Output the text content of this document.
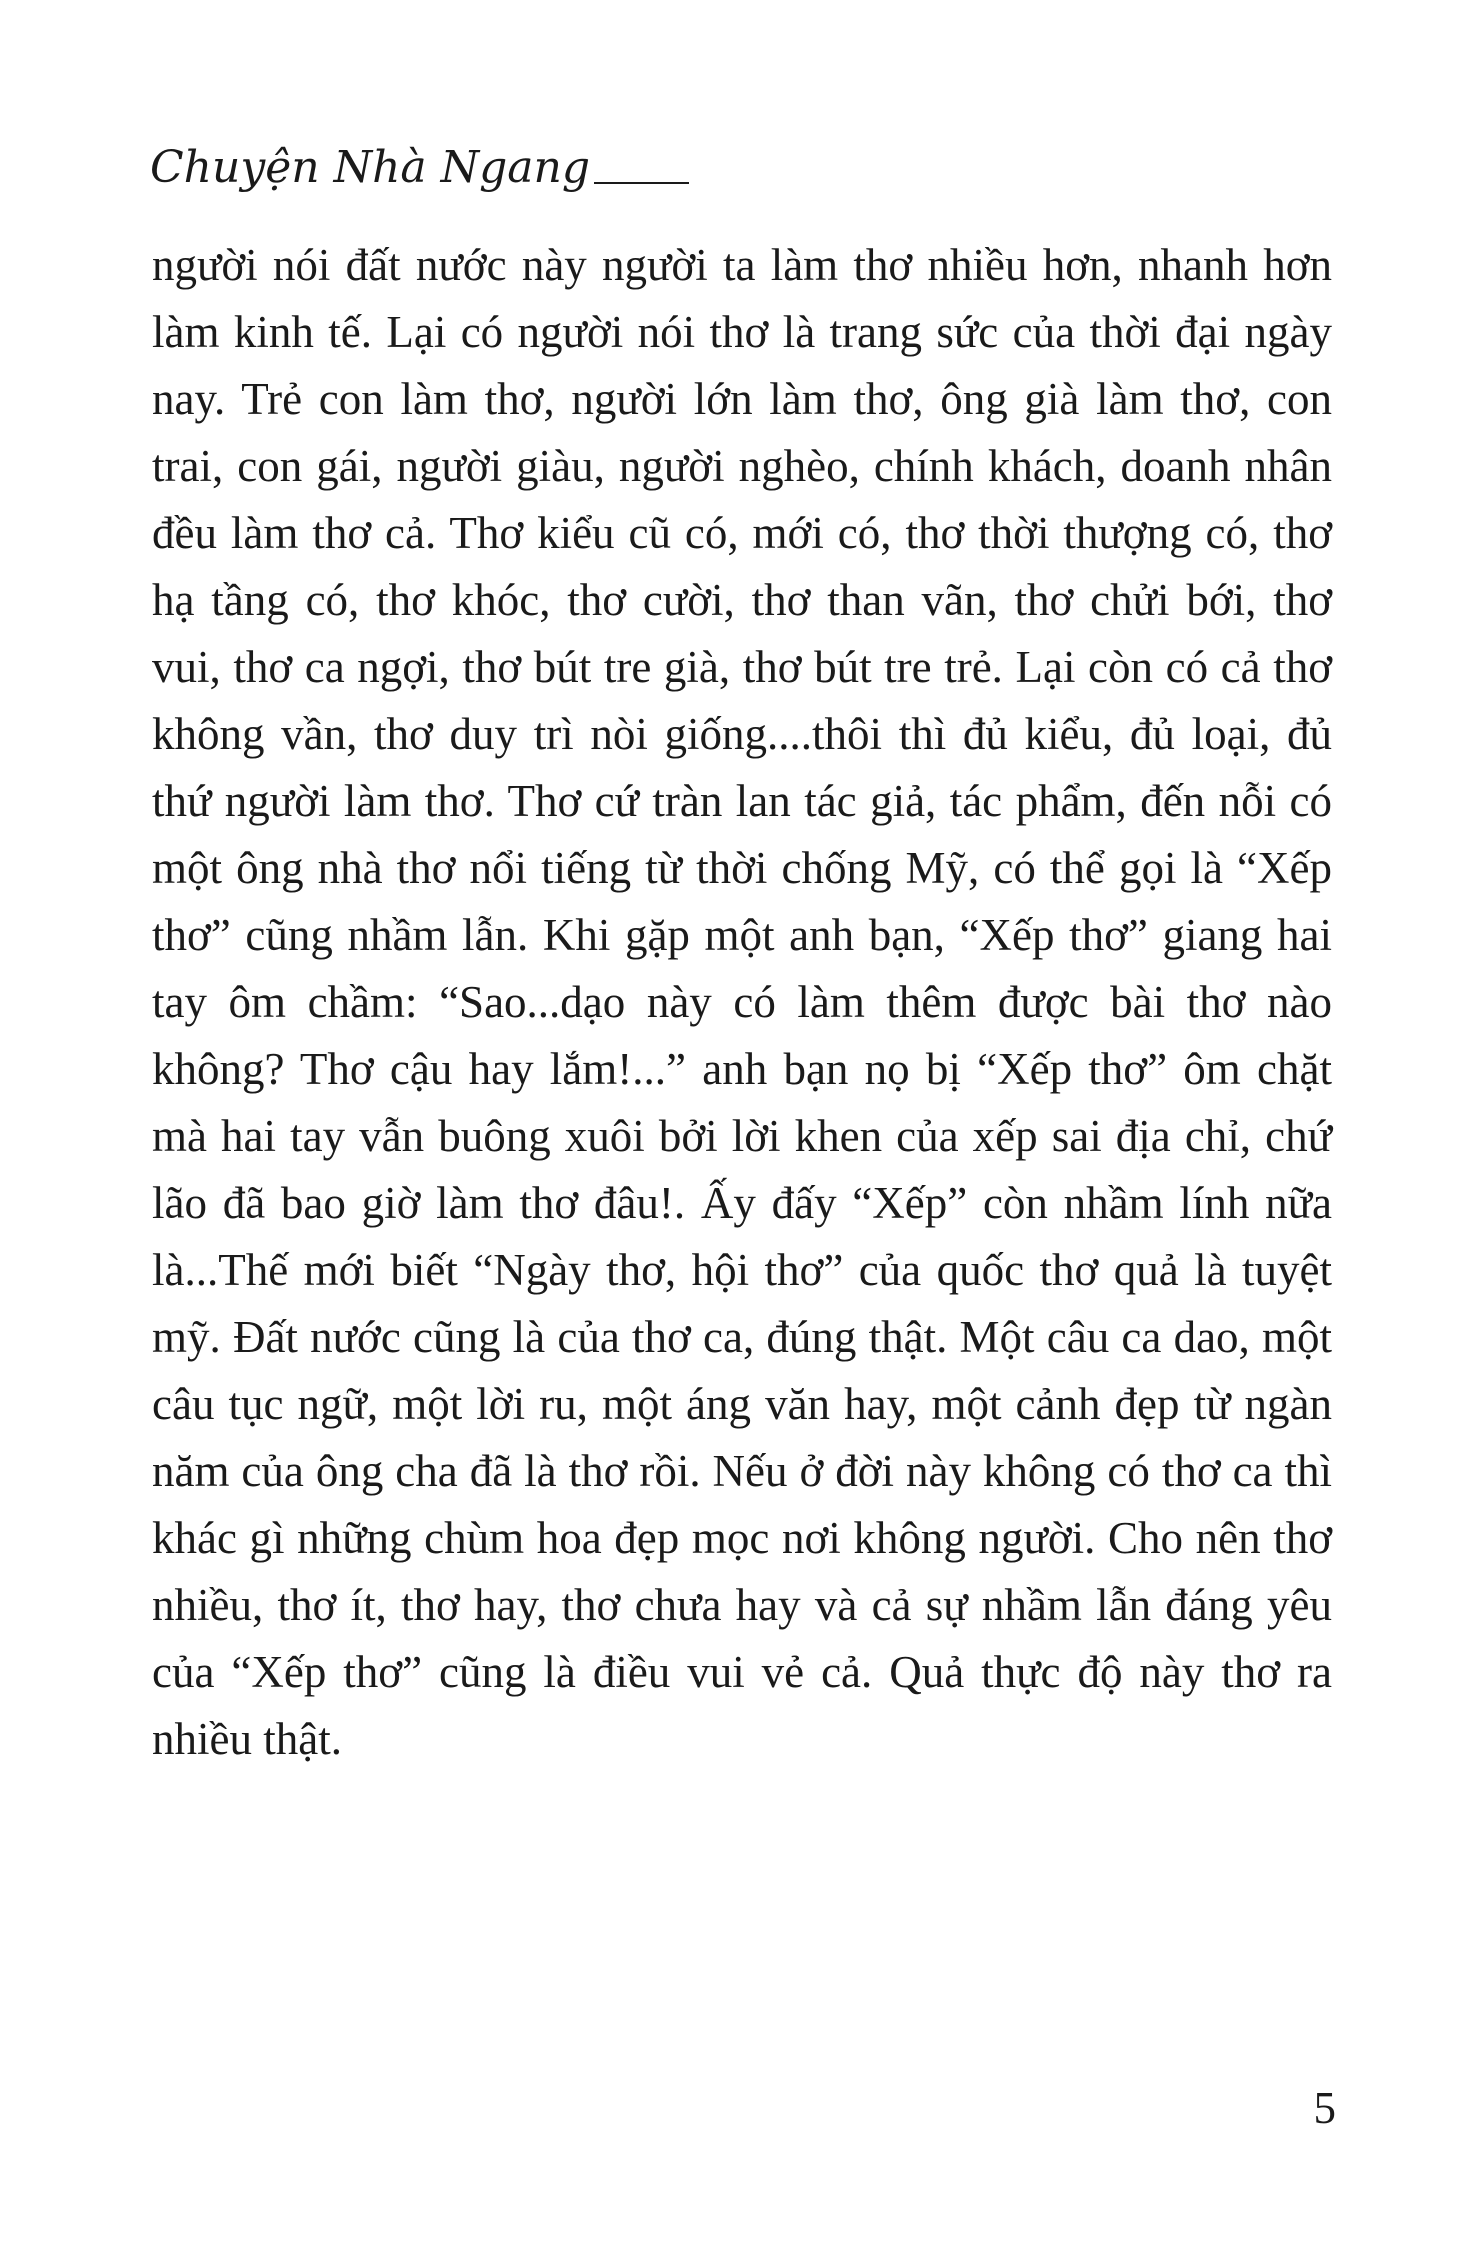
Chuyện Nhà Ngang

người nói đất nước này người ta làm thơ nhiều hơn, nhanh hơn làm kinh tế. Lại có người nói thơ là trang sức của thời đại ngày nay. Trẻ con làm thơ, người lớn làm thơ, ông già làm thơ, con trai, con gái, người giàu, người nghèo, chính khách, doanh nhân đều làm thơ cả. Thơ kiểu cũ có, mới có, thơ thời thượng có, thơ hạ tầng có, thơ khóc, thơ cười, thơ than vãn, thơ chửi bới, thơ vui, thơ ca ngợi, thơ bút tre già, thơ bút tre trẻ. Lại còn có cả thơ không vần, thơ duy trì nòi giống....thôi thì đủ kiểu, đủ loại, đủ thứ người làm thơ. Thơ cứ tràn lan tác giả, tác phẩm, đến nỗi có một ông nhà thơ nổi tiếng từ thời chống Mỹ, có thể gọi là “Xếp thơ” cũng nhầm lẫn. Khi gặp một anh bạn, “Xếp thơ” giang hai tay ôm chầm: “Sao...dạo này có làm thêm được bài thơ nào không? Thơ cậu hay lắm!...” anh bạn nọ bị “Xếp thơ” ôm chặt mà hai tay vẫn buông xuôi bởi lời khen của xếp sai địa chỉ, chứ lão đã bao giờ làm thơ đâu!. Ấy đấy “Xếp” còn nhầm lính nữa là...Thế mới biết “Ngày thơ, hội thơ” của quốc thơ quả là tuyệt mỹ. Đất nước cũng là của thơ ca, đúng thật. Một câu ca dao, một câu tục ngữ, một lời ru, một áng văn hay, một cảnh đẹp từ ngàn năm của ông cha đã là thơ rồi. Nếu ở đời này không có thơ ca thì khác gì những chùm hoa đẹp mọc nơi không người. Cho nên thơ nhiều, thơ ít, thơ hay, thơ chưa hay và cả sự nhầm lẫn đáng yêu của “Xếp thơ” cũng là điều vui vẻ cả. Quả thực độ này thơ ra nhiều thật.

5
